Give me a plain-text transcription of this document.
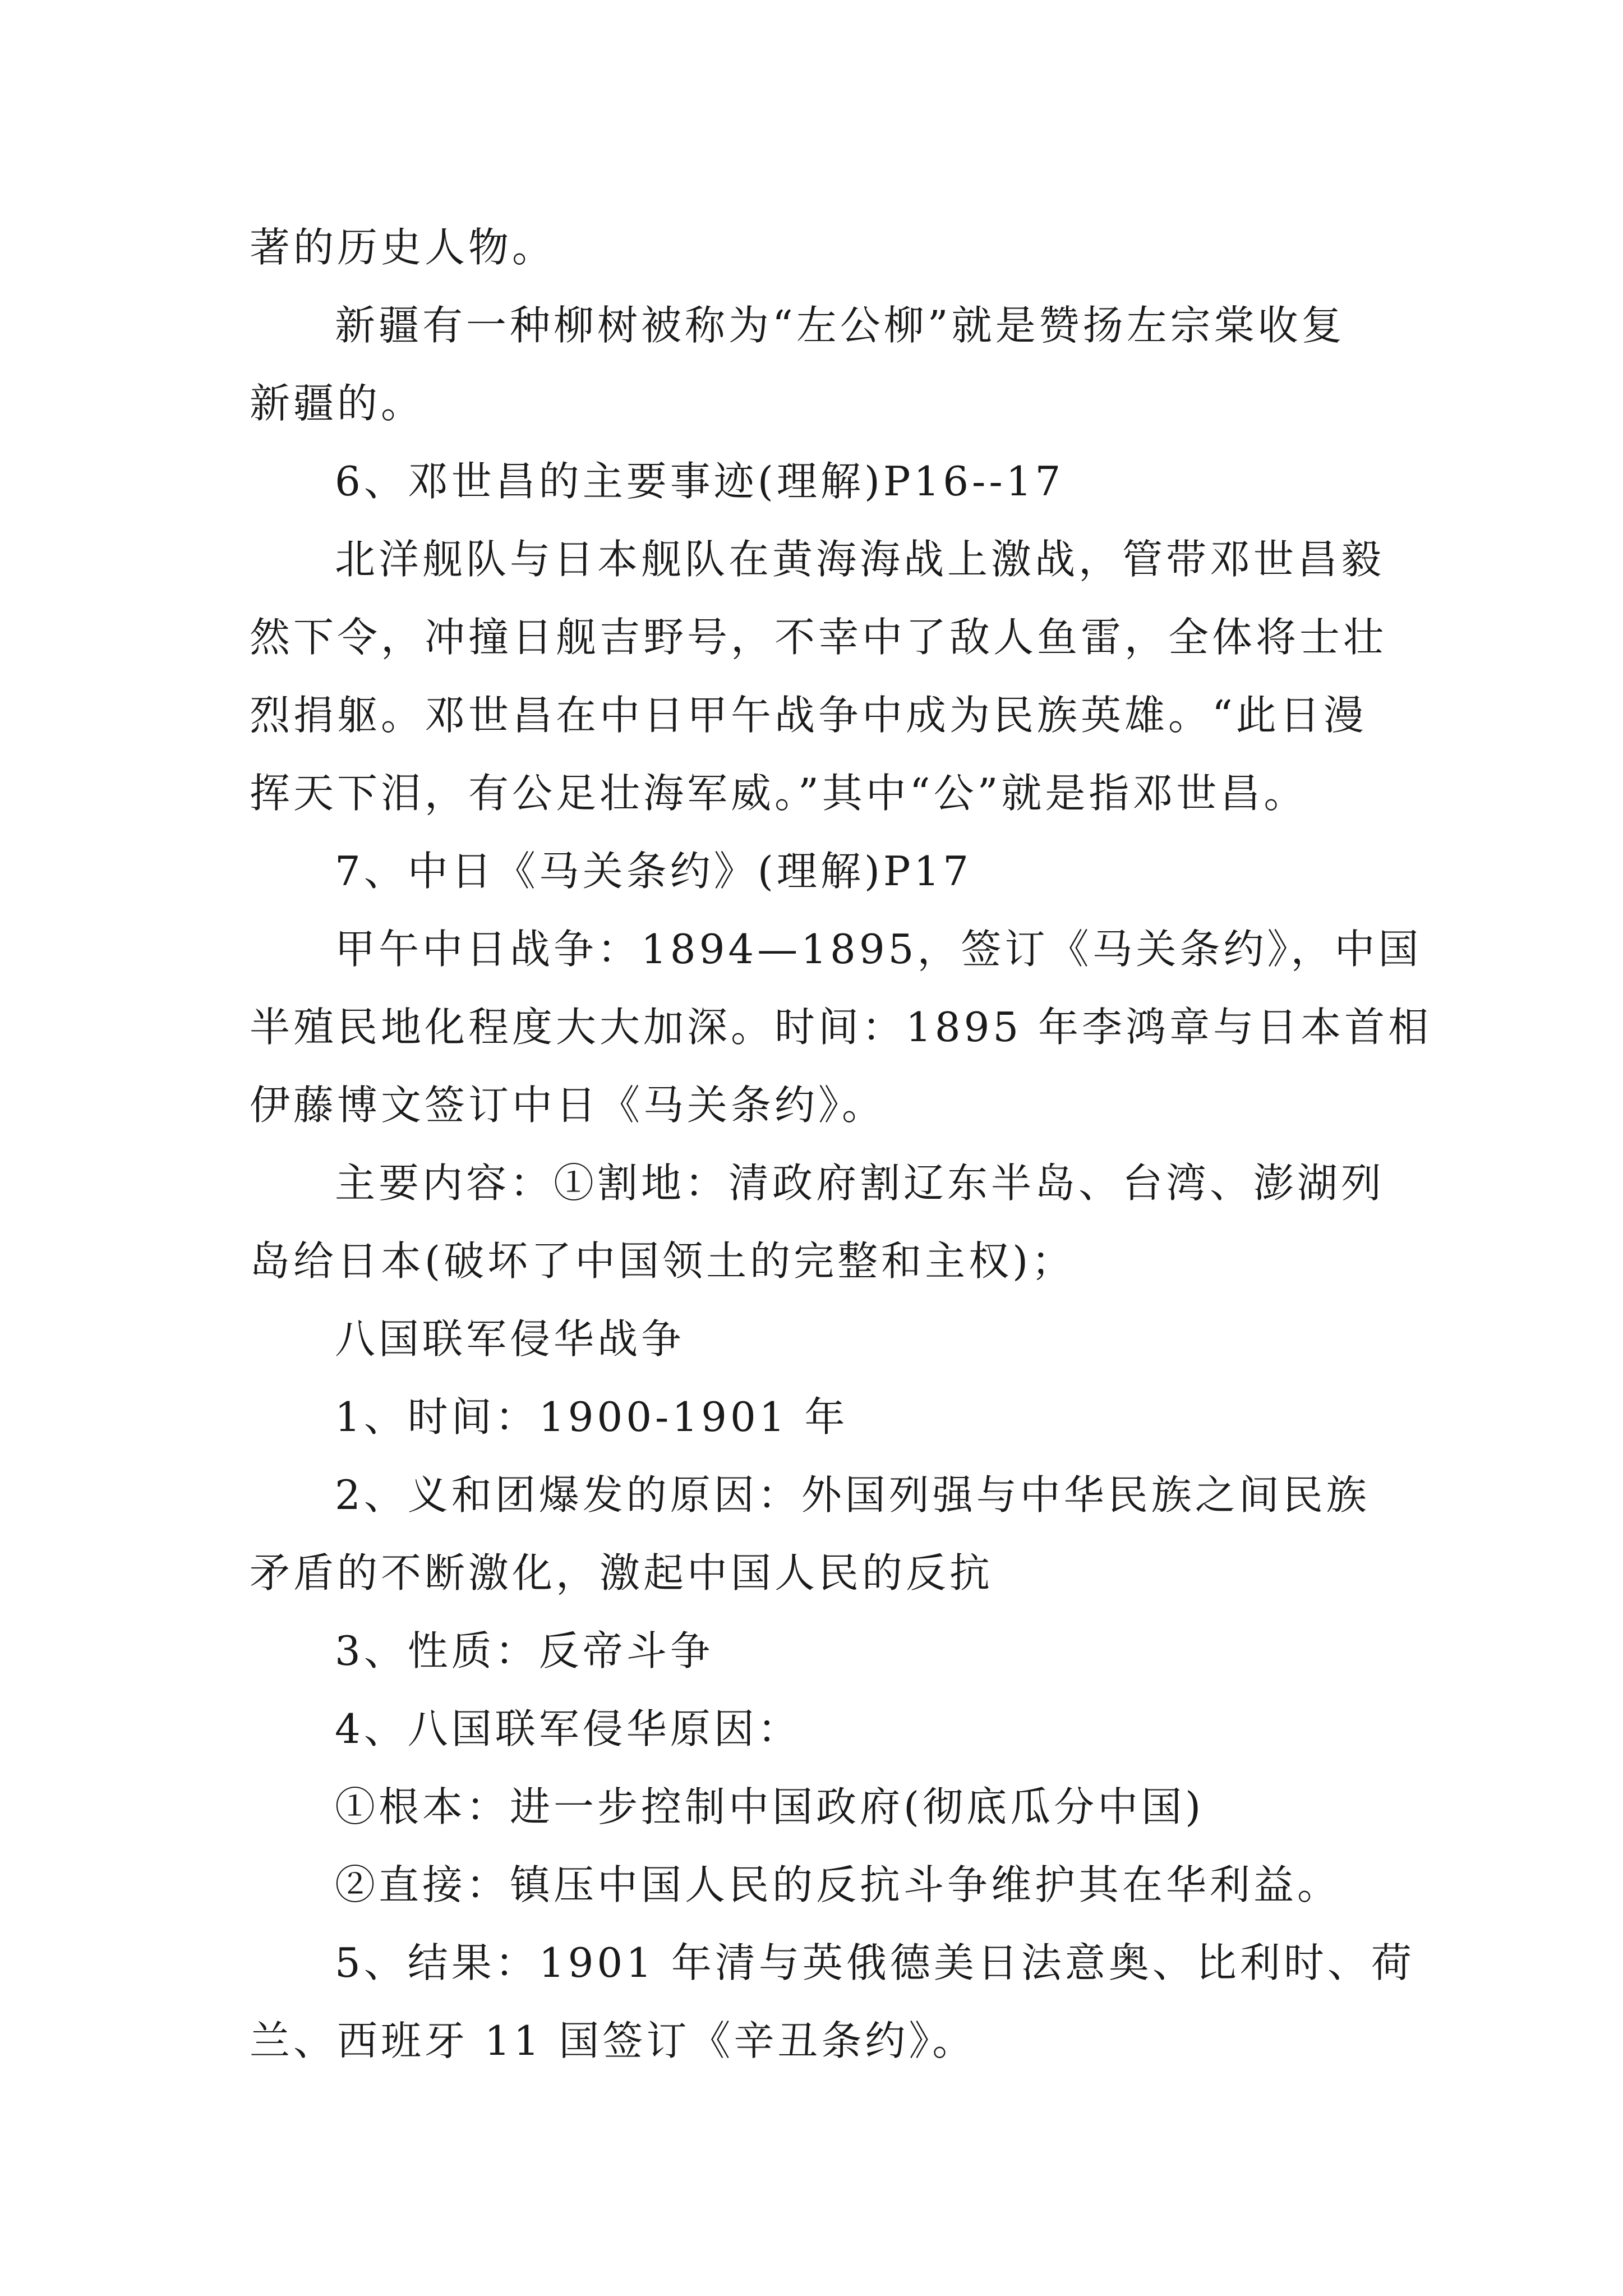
著的历史人物。
新疆有一种柳树被称为“左公柳”就是赞扬左宗棠收复
新疆的。
6、邓世昌的主要事迹(理解)P16--17
北洋舰队与日本舰队在黄海海战上激战，管带邓世昌毅
然下令，冲撞日舰吉野号，不幸中了敌人鱼雷，全体将士壮
烈捐躯。邓世昌在中日甲午战争中成为民族英雄。“此日漫
挥天下泪，有公足壮海军威。”其中“公”就是指邓世昌。
7、中日《马关条约》(理解)P17
甲午中日战争：1894—1895，签订《马关条约》，中国
半殖民地化程度大大加深。时间：1895 年李鸿章与日本首相
伊藤博文签订中日《马关条约》。
主要内容：①割地：清政府割辽东半岛、台湾、澎湖列
岛给日本(破坏了中国领土的完整和主权)；
八国联军侵华战争
1、时间：1900-1901 年
2、义和团爆发的原因：外国列强与中华民族之间民族
矛盾的不断激化，激起中国人民的反抗
3、性质：反帝斗争
4、八国联军侵华原因：
①根本：进一步控制中国政府(彻底瓜分中国)
②直接：镇压中国人民的反抗斗争维护其在华利益。
5、结果：1901 年清与英俄德美日法意奥、比利时、荷
兰、西班牙 11 国签订《辛丑条约》。
